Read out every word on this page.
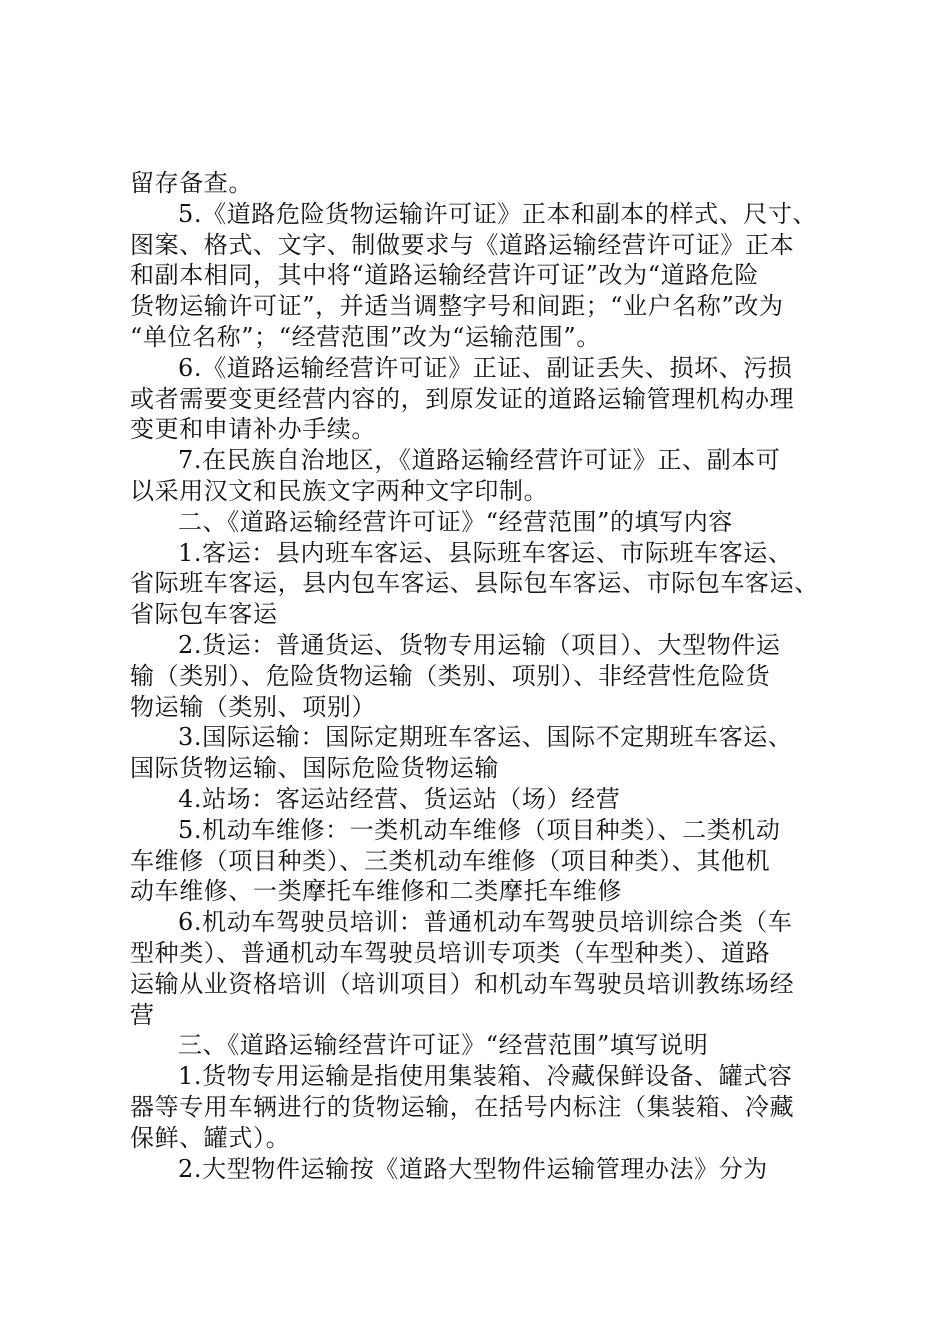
留存备查。

5.《道路危险货物运输许可证》正本和副本的样式、尺寸、

图案、格式、文字、制做要求与《道路运输经营许可证》正本

和副本相同，其中将“道路运输经营许可证”改为“道路危险

货物运输许可证”，并适当调整字号和间距；“业户名称”改为

“单位名称”；“经营范围”改为“运输范围”。

6.《道路运输经营许可证》正证、副证丢失、损坏、污损

或者需要变更经营内容的，到原发证的道路运输管理机构办理

变更和申请补办手续。

7.在民族自治地区，《道路运输经营许可证》正、副本可

以采用汉文和民族文字两种文字印制。

二、《道路运输经营许可证》“经营范围”的填写内容

1.客运：县内班车客运、县际班车客运、市际班车客运、

省际班车客运，县内包车客运、县际包车客运、市际包车客运、

省际包车客运

2.货运：普通货运、货物专用运输（项目）、大型物件运

输（类别）、危险货物运输（类别、项别）、非经营性危险货

物运输（类别、项别）

3.国际运输：国际定期班车客运、国际不定期班车客运、

国际货物运输、国际危险货物运输

4.站场：客运站经营、货运站（场）经营

5.机动车维修：一类机动车维修（项目种类）、二类机动

车维修（项目种类）、三类机动车维修（项目种类）、其他机

动车维修、一类摩托车维修和二类摩托车维修

6.机动车驾驶员培训：普通机动车驾驶员培训综合类（车

型种类）、普通机动车驾驶员培训专项类（车型种类）、道路

运输从业资格培训（培训项目）和机动车驾驶员培训教练场经

营

三、《道路运输经营许可证》“经营范围”填写说明

1.货物专用运输是指使用集装箱、冷藏保鲜设备、罐式容

器等专用车辆进行的货物运输，在括号内标注（集装箱、冷藏

保鲜、罐式）。

2.大型物件运输按《道路大型物件运输管理办法》分为
